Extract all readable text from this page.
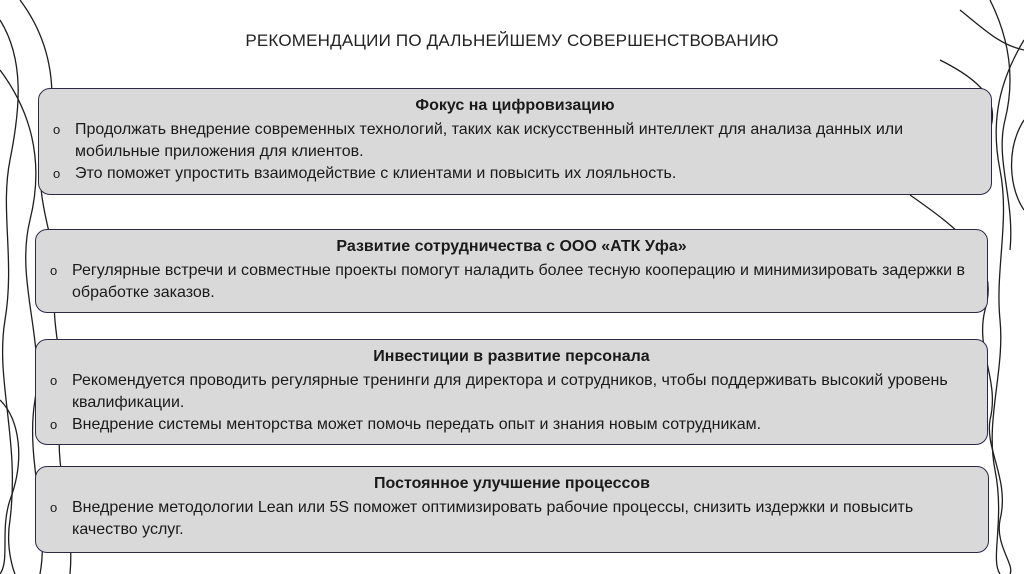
РЕКОМЕНДАЦИИ ПО ДАЛЬНЕЙШЕМУ СОВЕРШЕНСТВОВАНИЮ
Фокус на цифровизацию
o Продолжать внедрение современных технологий, таких как искусственный интеллект для анализа данных или мобильные приложения для клиентов.
o Это поможет упростить взаимодействие с клиентами и повысить их лояльность.
Развитие сотрудничества с ООО «АТК Уфа»
o Регулярные встречи и совместные проекты помогут наладить более тесную кооперацию и минимизировать задержки в обработке заказов.
Инвестиции в развитие персонала
o Рекомендуется проводить регулярные тренинги для директора и сотрудников, чтобы поддерживать высокий уровень квалификации.
o Внедрение системы менторства может помочь передать опыт и знания новым сотрудникам.
Постоянное улучшение процессов
o Внедрение методологии Lean или 5S поможет оптимизировать рабочие процессы, снизить издержки и повысить качество услуг.
